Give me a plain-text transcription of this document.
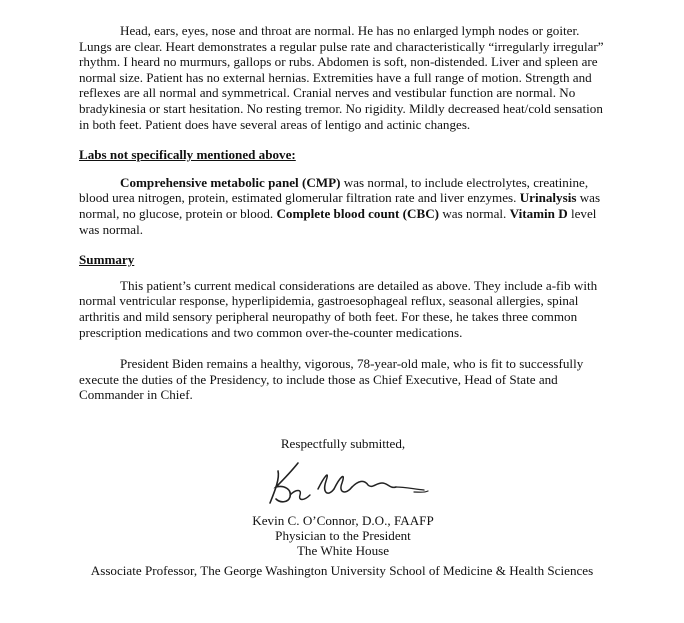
Head, ears, eyes, nose and throat are normal. He has no enlarged lymph nodes or goiter. Lungs are clear. Heart demonstrates a regular pulse rate and characteristically “irregularly irregular” rhythm. I heard no murmurs, gallops or rubs. Abdomen is soft, non-distended. Liver and spleen are normal size. Patient has no external hernias. Extremities have a full range of motion. Strength and reflexes are all normal and symmetrical. Cranial nerves and vestibular function are normal. No bradykinesia or start hesitation. No resting tremor. No rigidity. Mildly decreased heat/cold sensation in both feet. Patient does have several areas of lentigo and actinic changes.

Labs not specifically mentioned above:

Comprehensive metabolic panel (CMP) was normal, to include electrolytes, creatinine, blood urea nitrogen, protein, estimated glomerular filtration rate and liver enzymes. Urinalysis was normal, no glucose, protein or blood. Complete blood count (CBC) was normal. Vitamin D level was normal.

Summary

This patient’s current medical considerations are detailed as above. They include a-fib with normal ventricular response, hyperlipidemia, gastroesophageal reflux, seasonal allergies, spinal arthritis and mild sensory peripheral neuropathy of both feet. For these, he takes three common prescription medications and two common over-the-counter medications.

President Biden remains a healthy, vigorous, 78-year-old male, who is fit to successfully execute the duties of the Presidency, to include those as Chief Executive, Head of State and Commander in Chief.

Respectfully submitted,

Kevin C. O’Connor, D.O., FAAFP

Physician to the President

The White House

Associate Professor, The George Washington University School of Medicine & Health Sciences
